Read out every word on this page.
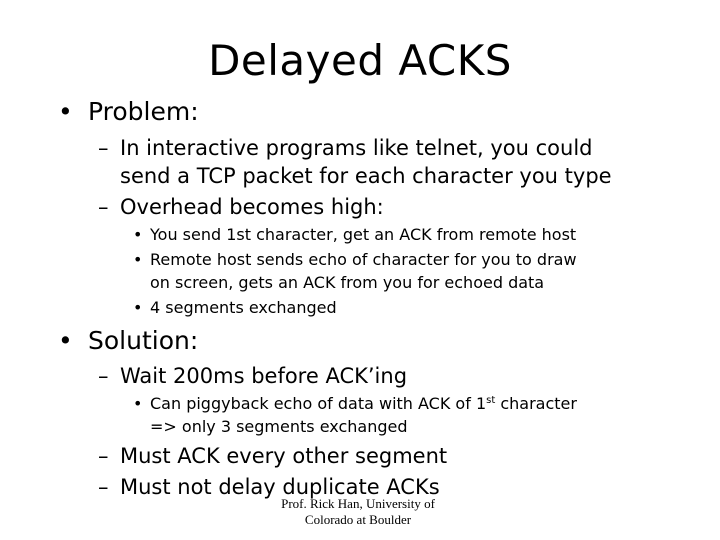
Delayed ACKS
• Problem:
– In interactive programs like telnet, you could
send a TCP packet for each character you type
– Overhead becomes high:
• You send 1st character, get an ACK from remote host
• Remote host sends echo of character for you to draw
on screen, gets an ACK from you for echoed data
• 4 segments exchanged
• Solution:
– Wait 200ms before ACK’ing
• Can piggyback echo of data with ACK of 1st character
=> only 3 segments exchanged
– Must ACK every other segment
– Must not delay duplicate ACKs
Prof. Rick Han, University of
Colorado at Boulder
